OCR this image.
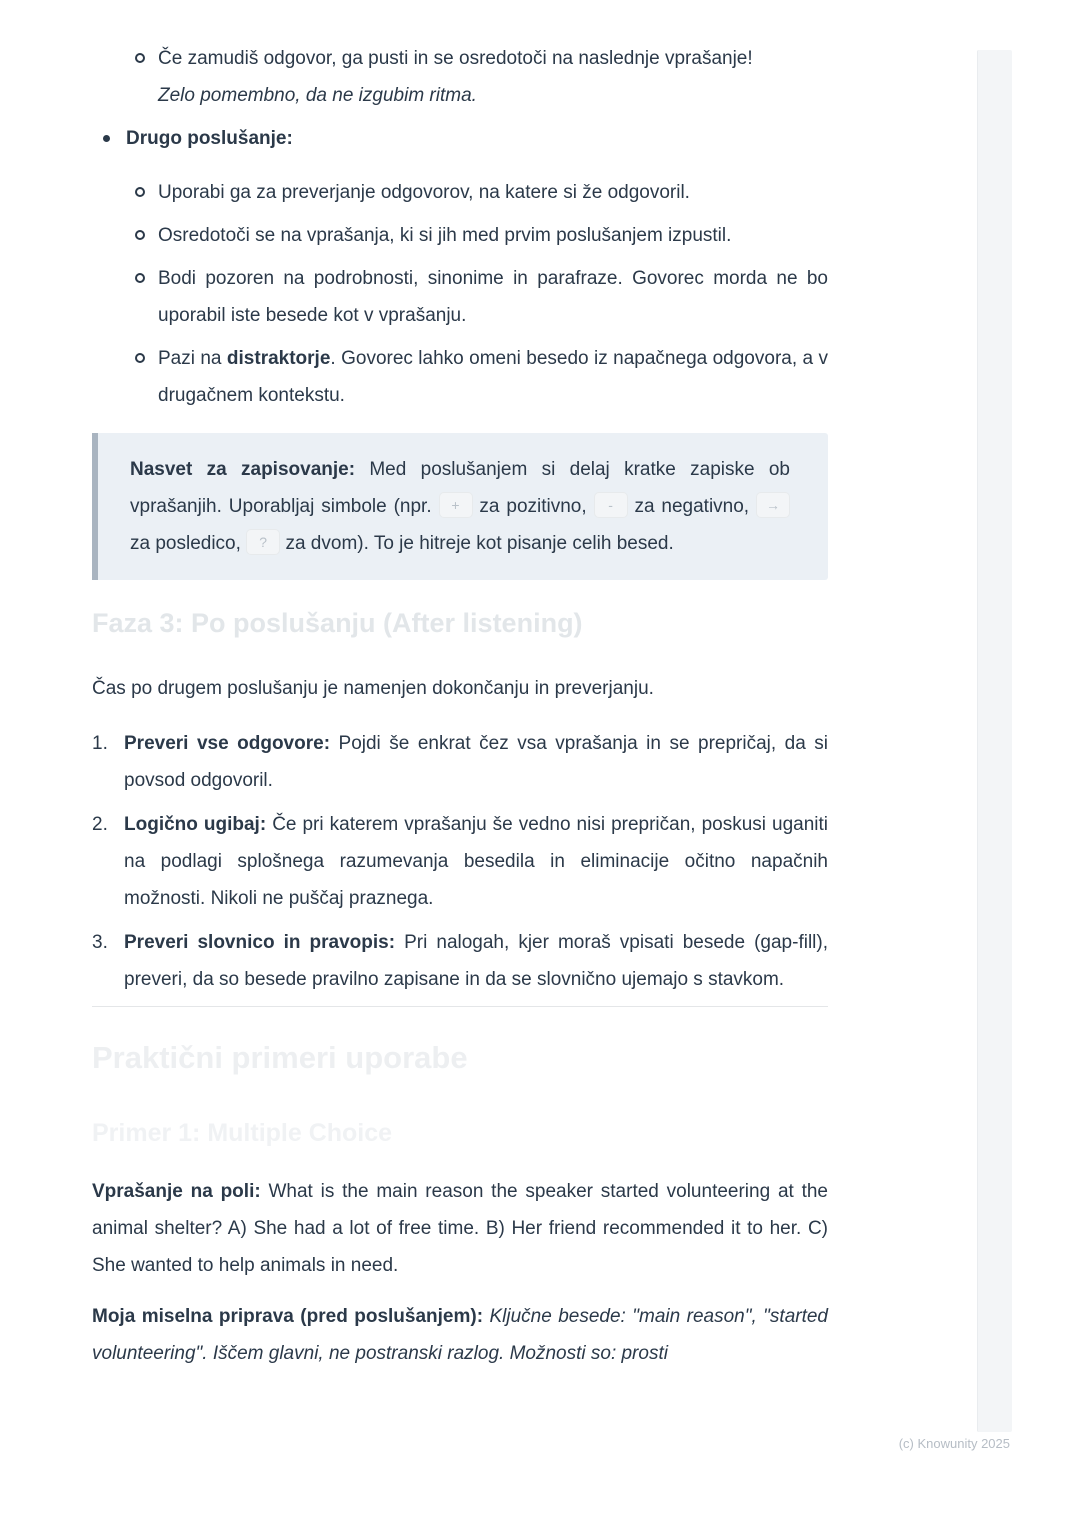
Če zamudiš odgovor, ga pusti in se osredotoči na naslednje vprašanje!
Zelo pomembno, da ne izgubim ritma.
Drugo poslušanje:
Uporabi ga za preverjanje odgovorov, na katere si že odgovoril.
Osredotoči se na vprašanja, ki si jih med prvim poslušanjem izpustil.
Bodi pozoren na podrobnosti, sinonime in parafraze. Govorec morda ne bo uporabil iste besede kot v vprašanju.
Pazi na distraktorje. Govorec lahko omeni besedo iz napačnega odgovora, a v drugačnem kontekstu.
Nasvet za zapisovanje: Med poslušanjem si delaj kratke zapiske ob vprašanjih. Uporabljaj simbole (npr. + za pozitivno, - za negativno, → za posledico, ? za dvom). To je hitreje kot pisanje celih besed.
Faza 3: Po poslušanju (After listening)
Čas po drugem poslušanju je namenjen dokončanju in preverjanju.
1. Preveri vse odgovore: Pojdi še enkrat čez vsa vprašanja in se prepričaj, da si povsod odgovoril.
2. Logično ugibaj: Če pri katerem vprašanju še vedno nisi prepričan, poskusi uganiti na podlagi splošnega razumevanja besedila in eliminacije očitno napačnih možnosti. Nikoli ne puščaj praznega.
3. Preveri slovnico in pravopis: Pri nalogah, kjer moraš vpisati besede (gap-fill), preveri, da so besede pravilno zapisane in da se slovnično ujemajo s stavkom.
Praktični primeri uporabe
Primer 1: Multiple Choice
Vprašanje na poli: What is the main reason the speaker started volunteering at the animal shelter? A) She had a lot of free time. B) Her friend recommended it to her. C) She wanted to help animals in need.
Moja miselna priprava (pred poslušanjem): Ključne besede: "main reason", "started volunteering". Iščem glavni, ne postranski razlog. Možnosti so: prosti
(c) Knowunity 2025
